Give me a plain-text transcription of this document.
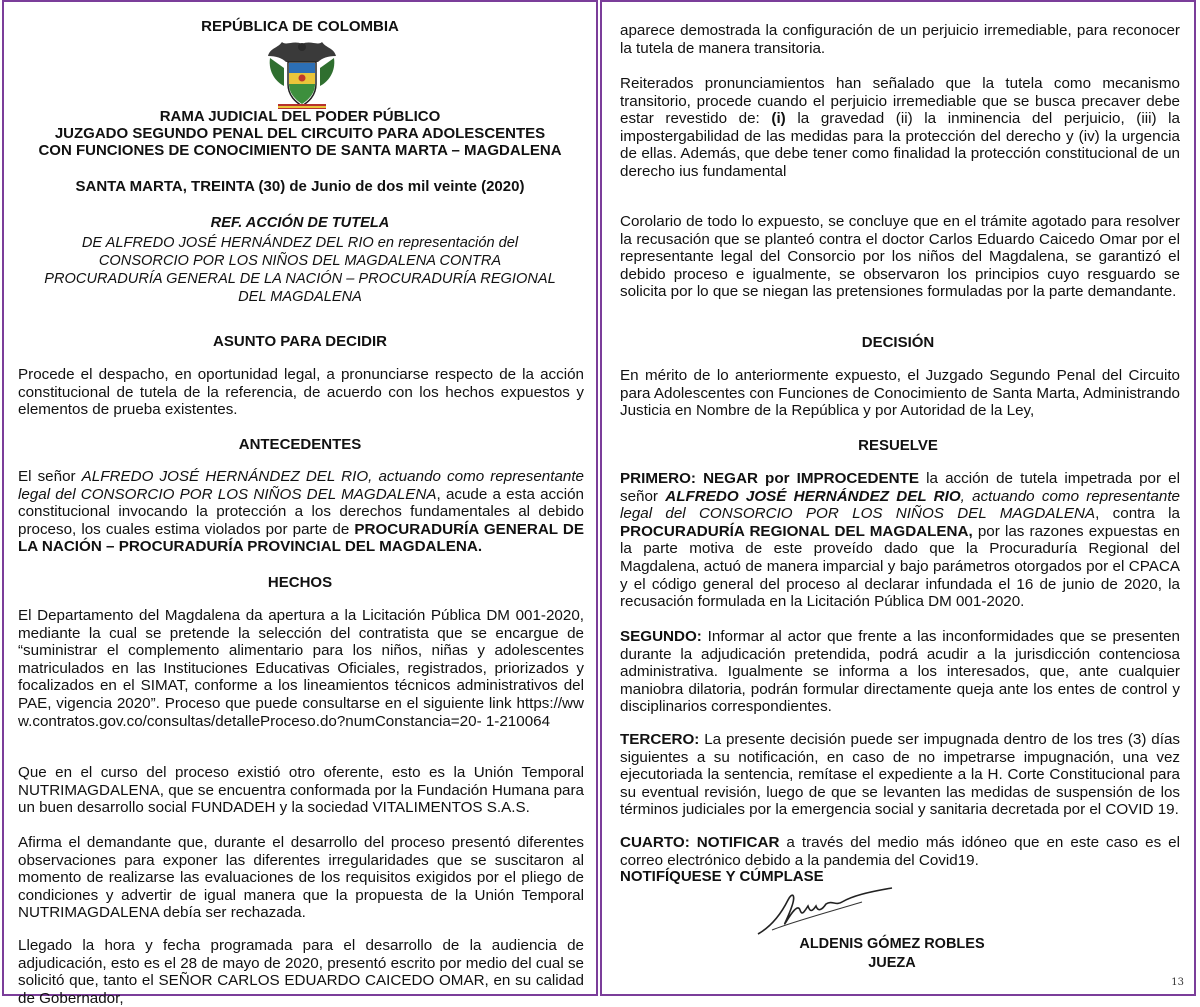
REPÚBLICA DE COLOMBIA
RAMA JUDICIAL DEL PODER PÚBLICO
JUZGADO SEGUNDO PENAL DEL CIRCUITO PARA ADOLESCENTES
CON FUNCIONES DE CONOCIMIENTO DE SANTA MARTA – MAGDALENA
SANTA MARTA, TREINTA (30) de Junio de dos mil veinte (2020)
REF. ACCIÓN DE TUTELA
DE ALFREDO JOSÉ HERNÁNDEZ DEL RIO en representación del
CONSORCIO POR LOS NIÑOS DEL MAGDALENA CONTRA
PROCURADURÍA GENERAL DE LA NACIÓN – PROCURADURÍA REGIONAL
DEL MAGDALENA
ASUNTO PARA DECIDIR

Procede el despacho, en oportunidad legal, a pronunciarse respecto de la acción constitucional de tutela de la referencia, de acuerdo con los hechos expuestos y elementos de prueba existentes.

ANTECEDENTES

El señor ALFREDO JOSÉ HERNÁNDEZ DEL RIO, actuando como representante legal del CONSORCIO POR LOS NIÑOS DEL MAGDALENA, acude a esta acción constitucional invocando la protección a los derechos fundamentales al debido proceso, los cuales estima violados por parte de PROCURADURÍA GENERAL DE LA NACIÓN – PROCURADURÍA PROVINCIAL DEL MAGDALENA.

HECHOS

El Departamento del Magdalena da apertura a la Licitación Pública DM 001-2020, mediante la cual se pretende la selección del contratista que se encargue de “suministrar el complemento alimentario para los niños, niñas y adolescentes matriculados en las Instituciones Educativas Oficiales, registrados, priorizados y focalizados en el SIMAT, conforme a los lineamientos técnicos administrativos del PAE, vigencia 2020”. Proceso que puede consultarse en el siguiente link https://www.contratos.gov.co/consultas/detalleProceso.do?numConstancia=20- 1-210064

Que en el curso del proceso existió otro oferente, esto es la Unión Temporal NUTRIMAGDALENA, que se encuentra conformada por la Fundación Humana para un buen desarrollo social FUNDADEH y la sociedad VITALIMENTOS S.A.S.

Afirma el demandante que, durante el desarrollo del proceso presentó diferentes observaciones para exponer las diferentes irregularidades que se suscitaron al momento de realizarse las evaluaciones de los requisitos exigidos por el pliego de condiciones y advertir de igual manera que la propuesta de la Unión Temporal NUTRIMAGDALENA debía ser rechazada.

Llegado la hora y fecha programada para el desarrollo de la audiencia de adjudicación, esto es el 28 de mayo de 2020, presentó escrito por medio del cual se solicitó que, tanto el SEÑOR CARLOS EDUARDO CAICEDO OMAR, en su calidad de Gobernador,

aparece demostrada la configuración de un perjuicio irremediable, para reconocer la tutela de manera transitoria.

Reiterados pronunciamientos han señalado que la tutela como mecanismo transitorio, procede cuando el perjuicio irremediable que se busca precaver debe estar revestido de: (i) la gravedad (ii) la inminencia del perjuicio, (iii) la impostergabilidad de las medidas para la protección del derecho y (iv) la urgencia de ellas. Además, que debe tener como finalidad la protección constitucional de un derecho ius fundamental

Corolario de todo lo expuesto, se concluye que en el trámite agotado para resolver la recusación que se planteó contra el doctor Carlos Eduardo Caicedo Omar por el representante legal del Consorcio por los niños del Magdalena, se garantizó el debido proceso e igualmente, se observaron los principios cuyo resguardo se solicita por lo que se niegan las pretensiones formuladas por la parte demandante.

DECISIÓN

En mérito de lo anteriormente expuesto, el Juzgado Segundo Penal del Circuito para Adolescentes con Funciones de Conocimiento de Santa Marta, Administrando Justicia en Nombre de la República y por Autoridad de la Ley,

RESUELVE

PRIMERO: NEGAR por IMPROCEDENTE la acción de tutela impetrada por el señor ALFREDO JOSÉ HERNÁNDEZ DEL RIO, actuando como representante legal del CONSORCIO POR LOS NIÑOS DEL MAGDALENA, contra la PROCURADURÍA REGIONAL DEL MAGDALENA, por las razones expuestas en la parte motiva de este proveído dado que la Procuraduría Regional del Magdalena, actuó de manera imparcial y bajo parámetros otorgados por el CPACA y el código general del proceso al declarar infundada el 16 de junio de 2020, la recusación formulada en la Licitación Pública DM 001-2020.

SEGUNDO: Informar al actor que frente a las inconformidades que se presenten durante la adjudicación pretendida, podrá acudir a la jurisdicción contenciosa administrativa. Igualmente se informa a los interesados, que, ante cualquier maniobra dilatoria, podrán formular directamente queja ante los entes de control y disciplinarios correspondientes.

TERCERO: La presente decisión puede ser impugnada dentro de los tres (3) días siguientes a su notificación, en caso de no impetrarse impugnación, una vez ejecutoriada la sentencia, remítase el expediente a la H. Corte Constitucional para su eventual revisión, luego de que se levanten las medidas de suspensión de los términos judiciales por la emergencia social y sanitaria decretada por el COVID 19.

CUARTO: NOTIFICAR a través del medio más idóneo que en este caso es el correo electrónico debido a la pandemia del Covid19.

NOTIFÍQUESE Y CÚMPLASE
ALDENIS GÓMEZ ROBLES
JUEZA
13
